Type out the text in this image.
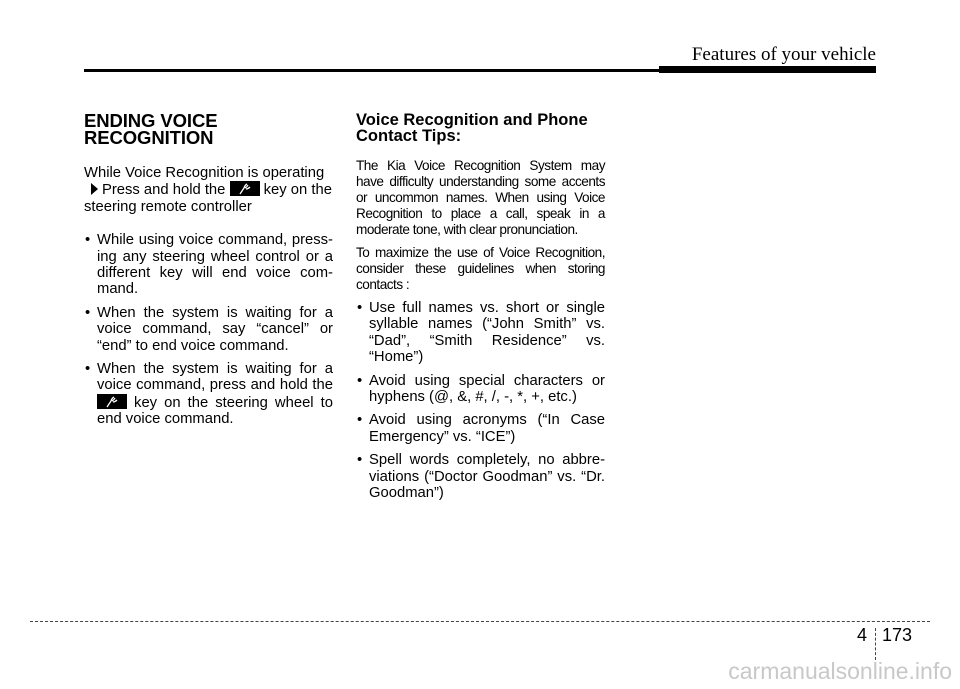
Features of your vehicle
ENDING VOICE
RECOGNITION

While Voice Recognition is operating
Press and hold the	key on the
steering remote controller

• While using voice command, press-ing any steering wheel control or a different key will end voice com-mand.
• When the system is waiting for a voice command, say “cancel” or “end” to end voice command.
• When the system is waiting for a voice command, press and hold the
key on the steering wheel to end voice command.
Voice Recognition and Phone
Contact Tips:

The Kia Voice Recognition System may have difficulty understanding some accents or uncommon names. When using Voice Recognition to place a call, speak in a moderate tone, with clear pronunciation.

To maximize the use of Voice Recognition, consider these guidelines when storing contacts :

• Use full names vs. short or single syllable names (“John Smith” vs. “Dad”, “Smith Residence” vs. “Home”)
• Avoid using special characters or hyphens (@, &, #, /, -, *, +, etc.)
• Avoid using acronyms (“In Case Emergency” vs. “ICE”)
• Spell words completely, no abbre-viations (“Doctor Goodman” vs. “Dr. Goodman”)
4 173
carmanualsonline.info
